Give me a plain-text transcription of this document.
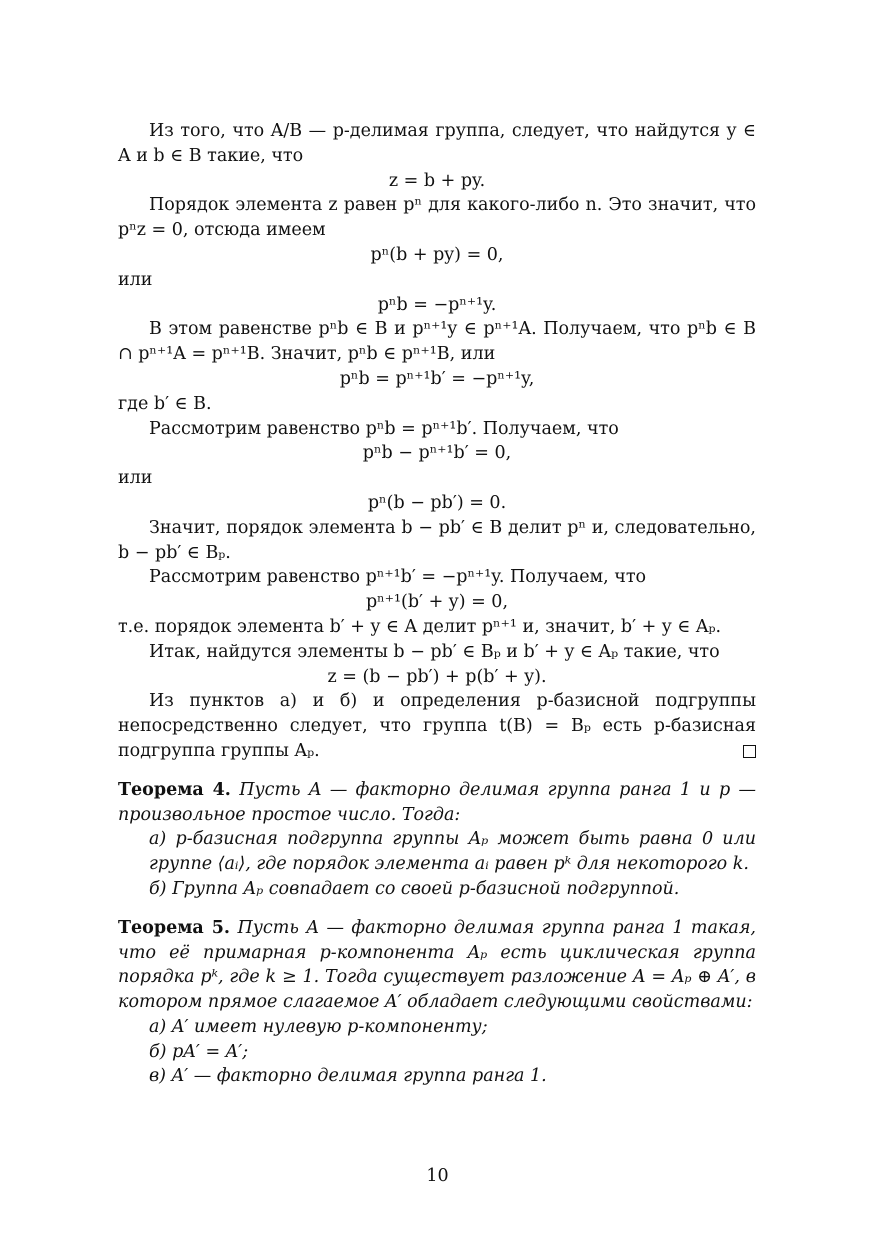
Из того, что A/B — p-делимая группа, следует, что найдутся y ∈ A и b ∈ B такие, что

z = b + py.

Порядок элемента z равен pⁿ для какого-либо n. Это значит, что pⁿz = 0, отсюда имеем

pⁿ(b + py) = 0,

или

pⁿb = −pⁿ⁺¹y.

В этом равенстве pⁿb ∈ B и pⁿ⁺¹y ∈ pⁿ⁺¹A. Получаем, что pⁿb ∈ B ∩ pⁿ⁺¹A = pⁿ⁺¹B. Значит, pⁿb ∈ pⁿ⁺¹B, или

pⁿb = pⁿ⁺¹b′ = −pⁿ⁺¹y,

где b′ ∈ B.

Рассмотрим равенство pⁿb = pⁿ⁺¹b′. Получаем, что

pⁿb − pⁿ⁺¹b′ = 0,

или

pⁿ(b − pb′) = 0.

Значит, порядок элемента b − pb′ ∈ B делит pⁿ и, следовательно, b − pb′ ∈ Bₚ.

Рассмотрим равенство pⁿ⁺¹b′ = −pⁿ⁺¹y. Получаем, что

pⁿ⁺¹(b′ + y) = 0,

т.е. порядок элемента b′ + y ∈ A делит pⁿ⁺¹ и, значит, b′ + y ∈ Aₚ.

Итак, найдутся элементы b − pb′ ∈ Bₚ и b′ + y ∈ Aₚ такие, что

z = (b − pb′) + p(b′ + y).

Из пунктов а) и б) и определения p-базисной подгруппы непосредственно следует, что группа t(B) = Bₚ есть p-базисная подгруппа группы Aₚ.

Теорема 4. Пусть A — факторно делимая группа ранга 1 и p — произвольное простое число. Тогда:

а) p-базисная подгруппа группы Aₚ может быть равна 0 или группе ⟨aᵢ⟩, где порядок элемента aᵢ равен pᵏ для некоторого k.

б) Группа Aₚ совпадает со своей p-базисной подгруппой.

Теорема 5. Пусть A — факторно делимая группа ранга 1 такая, что её примарная p-компонента Aₚ есть циклическая группа порядка pᵏ, где k ≥ 1. Тогда существует разложение A = Aₚ ⊕ A′, в котором прямое слагаемое A′ обладает следующими свойствами:

а) A′ имеет нулевую p-компоненту;

б) pA′ = A′;

в) A′ — факторно делимая группа ранга 1.

10
